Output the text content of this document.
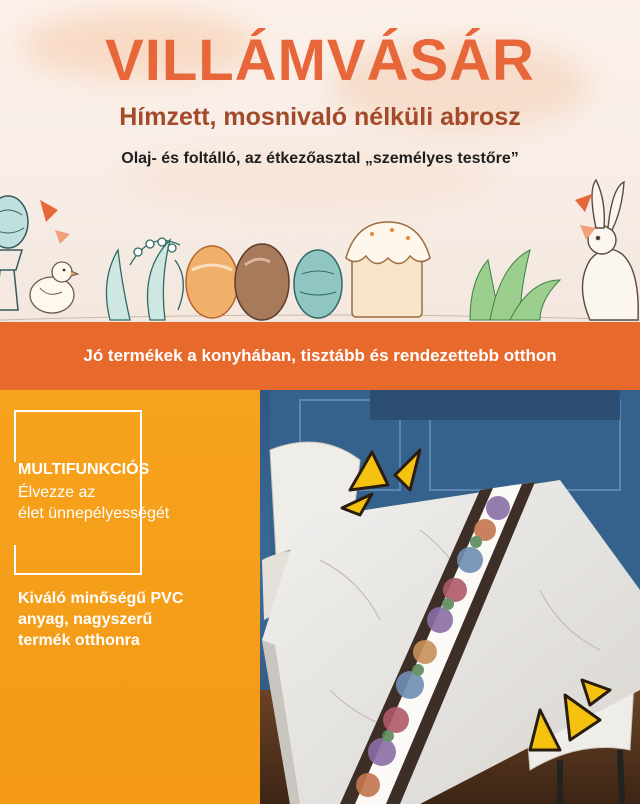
VILLÁMVÁSÁR
Hímzett, mosnivaló nélküli abrosz
Olaj- és foltálló, az étkezőasztal „személyes testőre”
Jó termékek a konyhában, tisztább és rendezettebb otthon
MULTIFUNKCIÓS
Élvezze az
élet ünnepélyességét
Kiváló minőségű PVC
anyag, nagyszerű
termék otthonra
